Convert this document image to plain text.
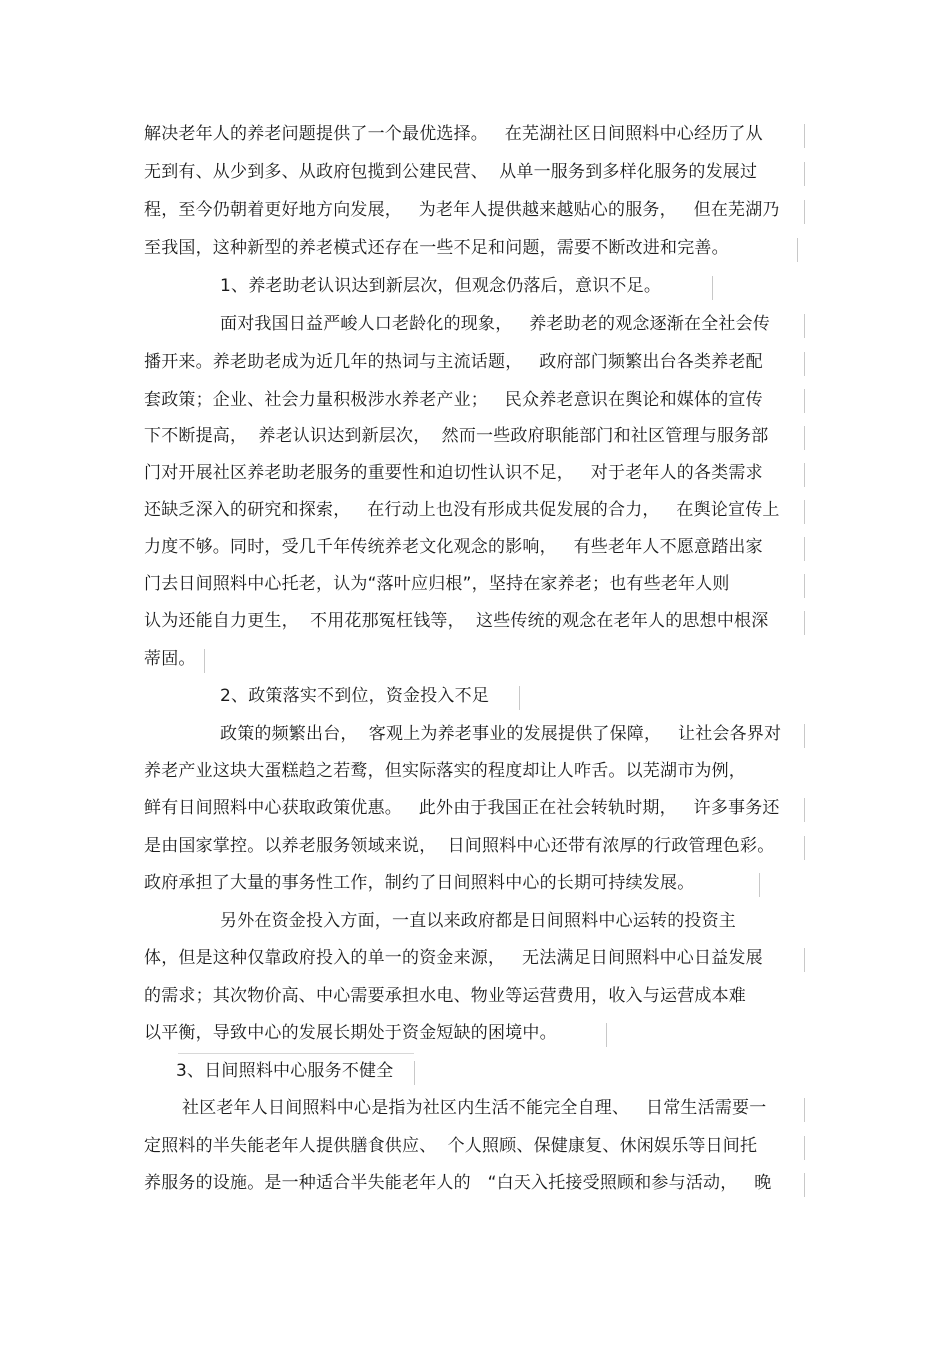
解决老年人的养老问题提供了一个最优选择。   在芜湖社区日间照料中心经历了从
无到有、从少到多、从政府包揽到公建民营、  从单一服务到多样化服务的发展过
程，至今仍朝着更好地方向发展，   为老年人提供越来越贴心的服务，   但在芜湖乃
至我国，这种新型的养老模式还存在一些不足和问题，需要不断改进和完善。
1、养老助老认识达到新层次，但观念仍落后，意识不足。
面对我国日益严峻人口老龄化的现象，   养老助老的观念逐渐在全社会传
播开来。养老助老成为近几年的热词与主流话题，   政府部门频繁出台各类养老配
套政策；企业、社会力量积极涉水养老产业；   民众养老意识在舆论和媒体的宣传
下不断提高，  养老认识达到新层次，  然而一些政府职能部门和社区管理与服务部
门对开展社区养老助老服务的重要性和迫切性认识不足，   对于老年人的各类需求
还缺乏深入的研究和探索，   在行动上也没有形成共促发展的合力，   在舆论宣传上
力度不够。同时，受几千年传统养老文化观念的影响，   有些老年人不愿意踏出家
门去日间照料中心托老，认为“落叶应归根”，坚持在家养老；也有些老年人则
认为还能自力更生，  不用花那冤枉钱等，  这些传统的观念在老年人的思想中根深
蒂固。
2、政策落实不到位，资金投入不足
政策的频繁出台，  客观上为养老事业的发展提供了保障，   让社会各界对
养老产业这块大蛋糕趋之若鹜，但实际落实的程度却让人咋舌。以芜湖市为例，
鲜有日间照料中心获取政策优惠。   此外由于我国正在社会转轨时期，   许多事务还
是由国家掌控。以养老服务领域来说，  日间照料中心还带有浓厚的行政管理色彩。
政府承担了大量的事务性工作，制约了日间照料中心的长期可持续发展。
另外在资金投入方面，一直以来政府都是日间照料中心运转的投资主
体，但是这种仅靠政府投入的单一的资金来源，   无法满足日间照料中心日益发展
的需求；其次物价高、中心需要承担水电、物业等运营费用，收入与运营成本难
以平衡，导致中心的发展长期处于资金短缺的困境中。
3、日间照料中心服务不健全
社区老年人日间照料中心是指为社区内生活不能完全自理、   日常生活需要一
定照料的半失能老年人提供膳食供应、  个人照顾、保健康复、休闲娱乐等日间托
养服务的设施。是一种适合半失能老年人的   “白天入托接受照顾和参与活动，   晚
